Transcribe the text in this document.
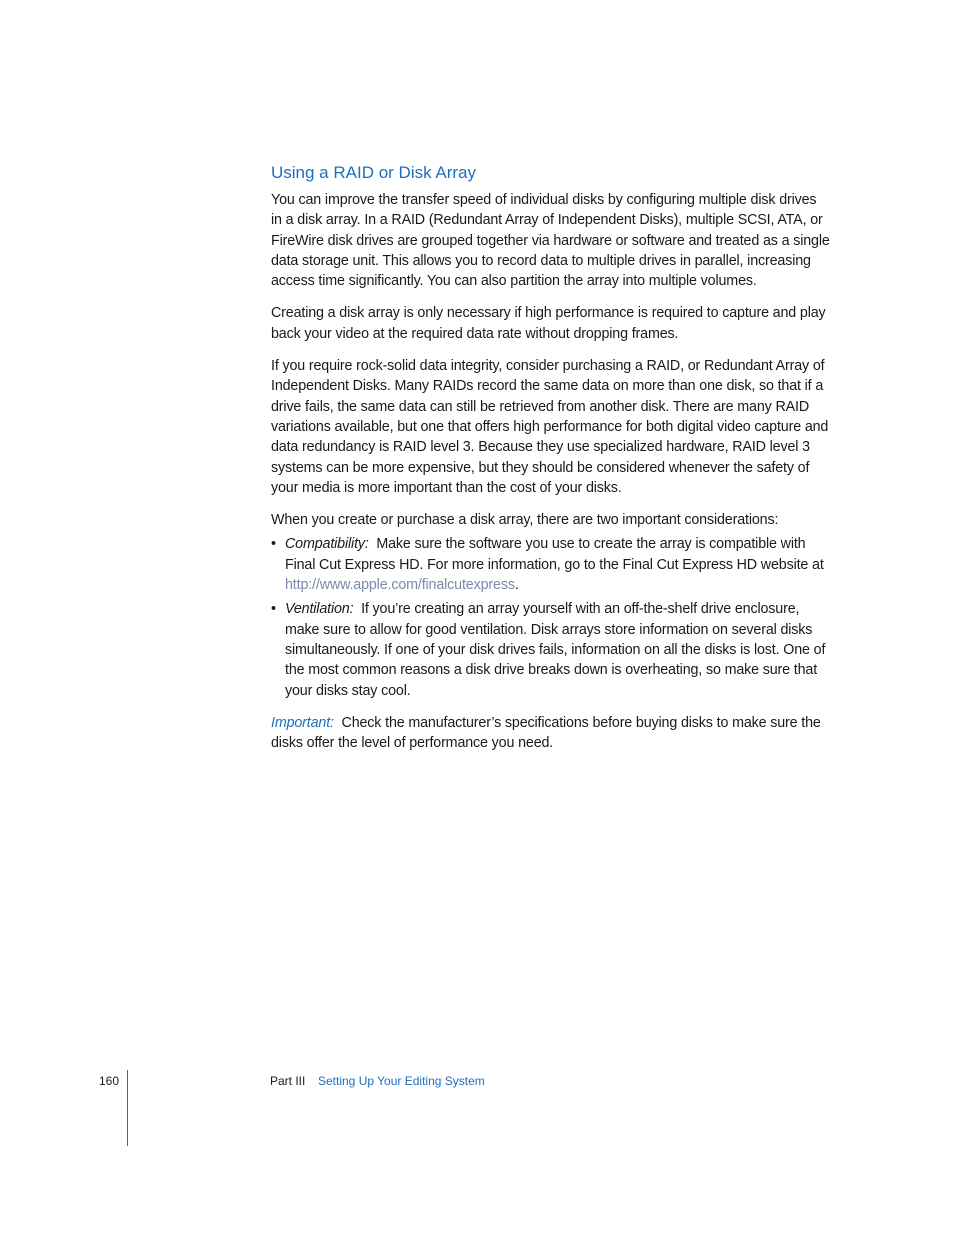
Using a RAID or Disk Array

You can improve the transfer speed of individual disks by configuring multiple disk drives in a disk array. In a RAID (Redundant Array of Independent Disks), multiple SCSI, ATA, or FireWire disk drives are grouped together via hardware or software and treated as a single data storage unit. This allows you to record data to multiple drives in parallel, increasing access time significantly. You can also partition the array into multiple volumes.

Creating a disk array is only necessary if high performance is required to capture and play back your video at the required data rate without dropping frames.

If you require rock-solid data integrity, consider purchasing a RAID, or Redundant Array of Independent Disks. Many RAIDs record the same data on more than one disk, so that if a drive fails, the same data can still be retrieved from another disk. There are many RAID variations available, but one that offers high performance for both digital video capture and data redundancy is RAID level 3. Because they use specialized hardware, RAID level 3 systems can be more expensive, but they should be considered whenever the safety of your media is more important than the cost of your disks.

When you create or purchase a disk array, there are two important considerations:

• Compatibility: Make sure the software you use to create the array is compatible with Final Cut Express HD. For more information, go to the Final Cut Express HD website at http://www.apple.com/finalcutexpress.
• Ventilation: If you’re creating an array yourself with an off-the-shelf drive enclosure, make sure to allow for good ventilation. Disk arrays store information on several disks simultaneously. If one of your disk drives fails, information on all the disks is lost. One of the most common reasons a disk drive breaks down is overheating, so make sure that your disks stay cool.

Important: Check the manufacturer’s specifications before buying disks to make sure the disks offer the level of performance you need.

160	Part III Setting Up Your Editing System
